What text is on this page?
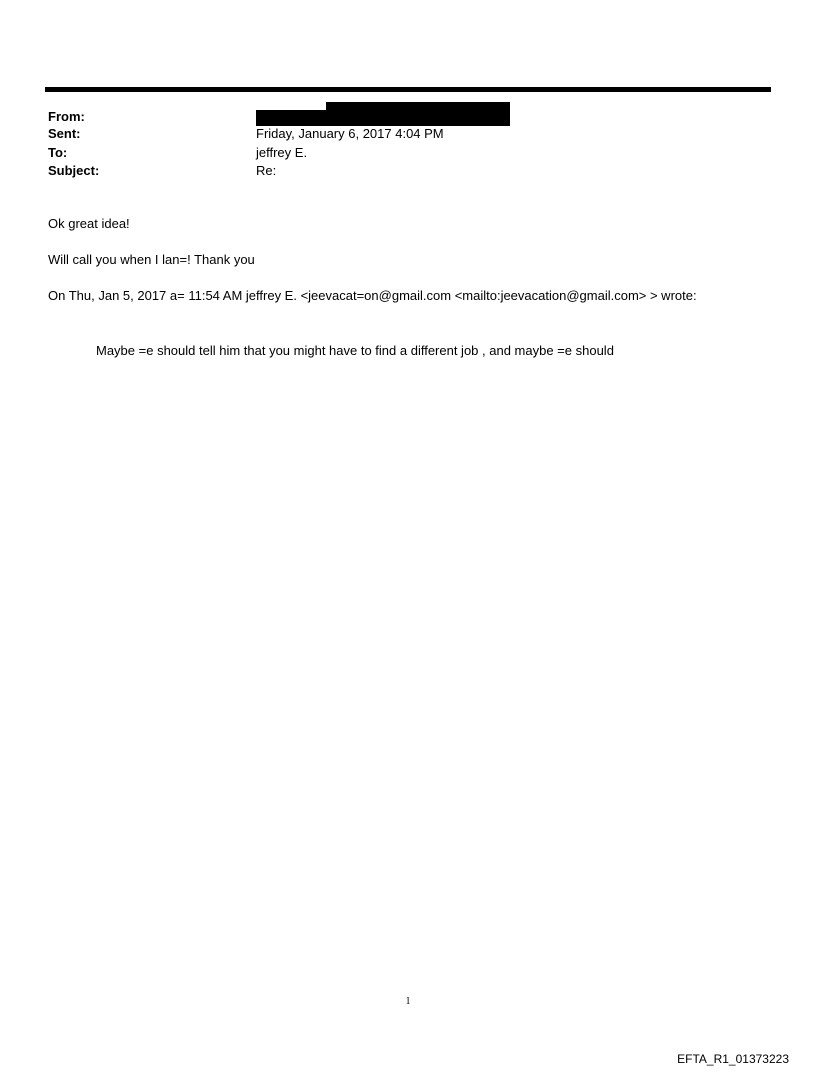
From:
Sent:	Friday, January 6, 2017 4:04 PM
To:	jeffrey E.
Subject:	Re:
Ok great idea!
Will call you when I lan=! Thank you
On Thu, Jan 5, 2017 a= 11:54 AM jeffrey E. <jeevacat=on@gmail.com <mailto:jeevacation@gmail.com> > wrote:
Maybe =e should tell him that you might have to find a different job , and maybe =e should
1
EFTA_R1_01373223
